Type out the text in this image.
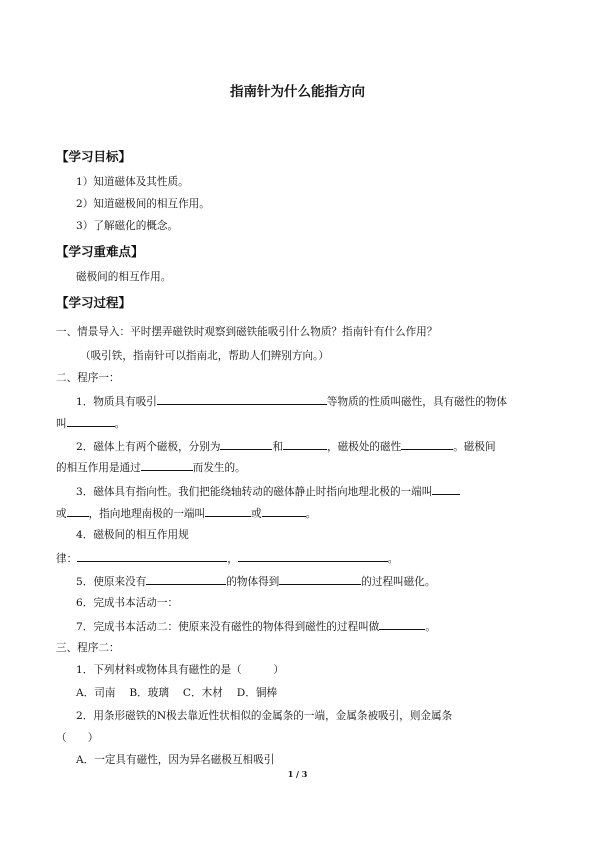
指南针为什么能指方向
【学习目标】
1）知道磁体及其性质。
2）知道磁极间的相互作用。
3）了解磁化的概念。
【学习重难点】
磁极间的相互作用。
【学习过程】
一、情景导入：平时摆弄磁铁时观察到磁铁能吸引什么物质？指南针有什么作用？
（吸引铁，指南针可以指南北，帮助人们辨别方向。）
二、程序一：
1．物质具有吸引	等物质的性质叫磁性，具有磁性的物体
叫	。
2．磁体上有两个磁极，分别为	和	，磁极处的磁性	。磁极间
的相互作用是通过	而发生的。
3．磁体具有指向性。我们把能绕轴转动的磁体静止时指向地理北极的一端叫
或 ，指向地理南极的一端叫	或	。
4．磁极间的相互作用规
律：	，	。
5．使原来没有	的物体得到	的过程叫磁化。
6．完成书本活动一：
7．完成书本活动二：使原来没有磁性的物体得到磁性的过程叫做	。
三、程序二：
1．下列材料或物体具有磁性的是（　　　）
A．司南　 B．玻璃　 C．木材　 D．铜棒
2．用条形磁铁的N极去靠近性状相似的金属条的一端，金属条被吸引，则金属条
（　　）
A．一定具有磁性，因为异名磁极互相吸引
1 / 3
